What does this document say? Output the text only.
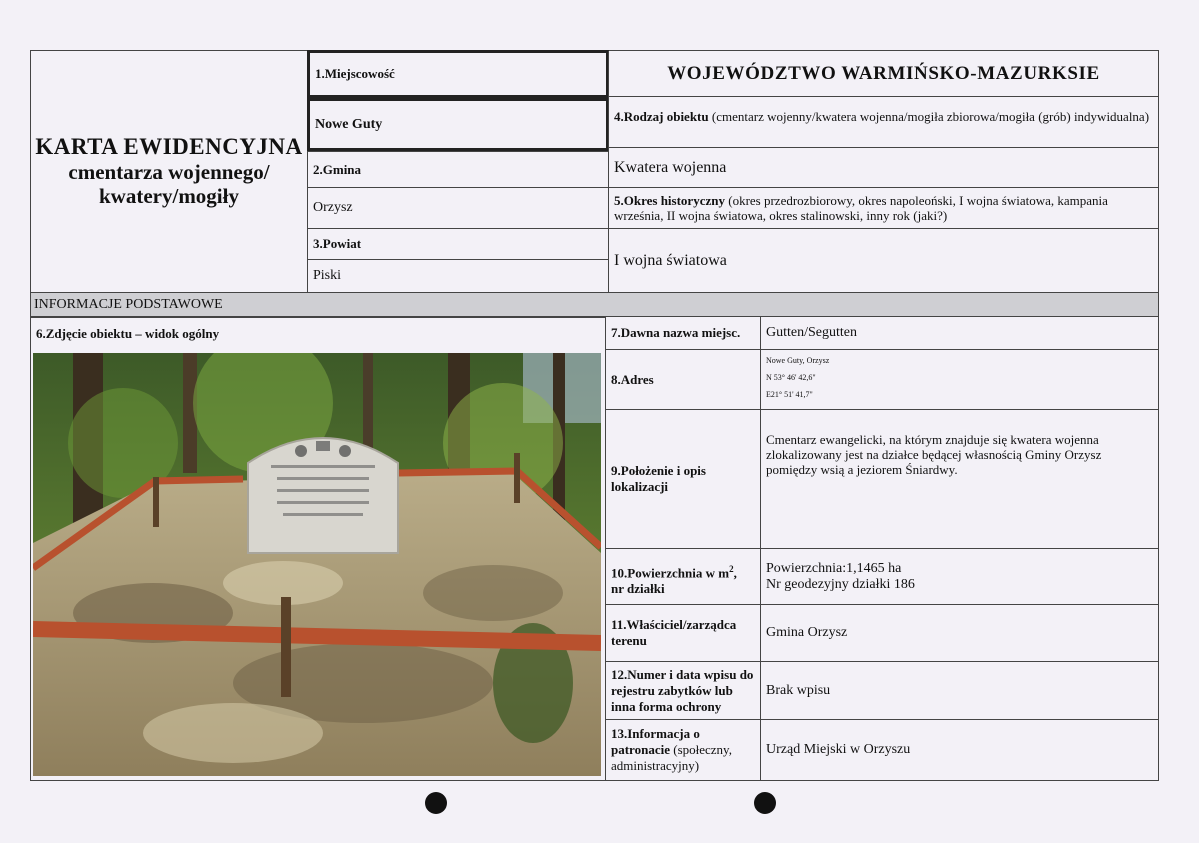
KARTA EWIDENCYJNA
cmentarza wojennego/
kwatery/mogiły
1.Miejscowość
Nowe Guty
2.Gmina
Orzysz
3.Powiat
Piski
WOJEWÓDZTWO WARMIŃSKO-MAZURKSIE
4.Rodzaj obiektu (cmentarz wojenny/kwatera wojenna/mogiła zbiorowa/mogiła (grób) indywidualna)
Kwatera wojenna
5.Okres historyczny (okres przedrozbiorowy, okres napoleoński, I wojna światowa, kampania września, II wojna światowa, okres stalinowski, inny rok (jaki?)
I wojna światowa
INFORMACJE PODSTAWOWE
6.Zdjęcie obiektu – widok ogólny	7.Dawna nazwa miejsc. Gutten/Segutten
8.Adres
Nowe Guty, Orzysz
N 53° 46' 42,6"
E21° 51' 41,7"
9.Położenie i opis lokalizacji
Cmentarz ewangelicki, na którym znajduje się kwatera wojenna zlokalizowany jest na działce będącej własnością Gminy Orzysz pomiędzy wsią a jeziorem Śniardwy.
10.Powierzchnia w $m^2$,
nr działki
Powierzchnia:1,1465 ha
Nr geodezyjny działki 186
11.Właściciel/zarządca terenu
Gmina Orzysz
12.Numer i data wpisu do rejestru zabytków lub inna forma ochrony
Brak wpisu
13.Informacja o patronacie (społeczny, administracyjny)
Urząd Miejski w Orzyszu
